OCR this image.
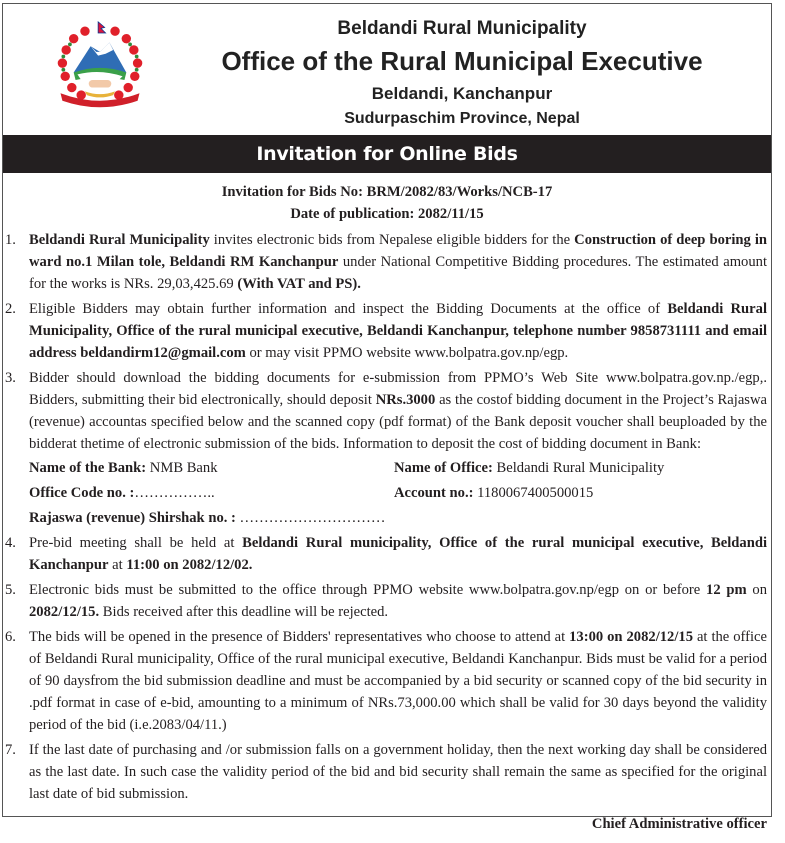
Beldandi Rural Municipality
Office of the Rural Municipal Executive
Beldandi, Kanchanpur
Sudurpaschim Province, Nepal
Invitation for Online Bids
Invitation for Bids No: BRM/2082/83/Works/NCB-17
Date of publication: 2082/11/15
1. Beldandi Rural Municipality invites electronic bids from Nepalese eligible bidders for the Construction of deep boring in ward no.1 Milan tole, Beldandi RM Kanchanpur under National Competitive Bidding procedures. The estimated amount for the works is NRs. 29,03,425.69 (With VAT and PS).
2. Eligible Bidders may obtain further information and inspect the Bidding Documents at the office of Beldandi Rural Municipality, Office of the rural municipal executive, Beldandi Kanchanpur, telephone number 9858731111 and email address beldandirm12@gmail.com or may visit PPMO website www.bolpatra.gov.np/egp.
3. Bidder should download the bidding documents for e-submission from PPMO’s Web Site www.bolpatra.gov.np./egp,. Bidders, submitting their bid electronically, should deposit NRs.3000 as the costof bidding document in the Project’s Rajaswa (revenue) accountas specified below and the scanned copy (pdf format) of the Bank deposit voucher shall beuploaded by the bidderat thetime of electronic submission of the bids. Information to deposit the cost of bidding document in Bank:
Name of the Bank: NMB Bank	Name of Office: Beldandi Rural Municipality
Office Code no. :……………..	Account no.: 1180067400500015
Rajaswa (revenue) Shirshak no. : …………………………
4. Pre-bid meeting shall be held at Beldandi Rural municipality, Office of the rural municipal executive, Beldandi Kanchanpur at 11:00 on 2082/12/02.
5. Electronic bids must be submitted to the office through PPMO website www.bolpatra.gov.np/egp on or before 12 pm on 2082/12/15. Bids received after this deadline will be rejected.
6. The bids will be opened in the presence of Bidders' representatives who choose to attend at 13:00 on 2082/12/15 at the office of Beldandi Rural municipality, Office of the rural municipal executive, Beldandi Kanchanpur. Bids must be valid for a period of 90 daysfrom the bid submission deadline and must be accompanied by a bid security or scanned copy of the bid security in .pdf format in case of e-bid, amounting to a minimum of NRs.73,000.00 which shall be valid for 30 days beyond the validity period of the bid (i.e.2083/04/11.)
7. If the last date of purchasing and /or submission falls on a government holiday, then the next working day shall be considered as the last date. In such case the validity period of the bid and bid security shall remain the same as specified for the original last date of bid submission.
Chief Administrative officer
